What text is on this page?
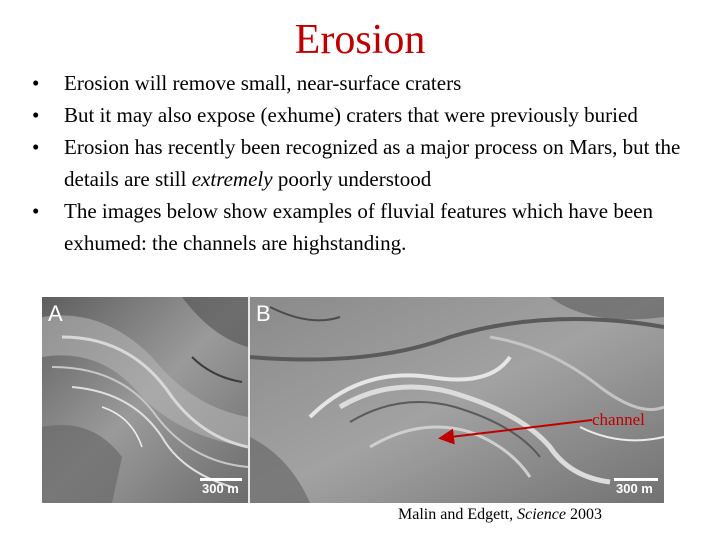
Erosion
• Erosion will remove small, near-surface craters
• But it may also expose (exhume) craters that were previously buried
• Erosion has recently been recognized as a major process on Mars, but the details are still extremely poorly understood
• The images below show examples of fluvial features which have been exhumed: the channels are highstanding.
A	B
300 m	300 m
channel
Malin and Edgett, Science 2003
